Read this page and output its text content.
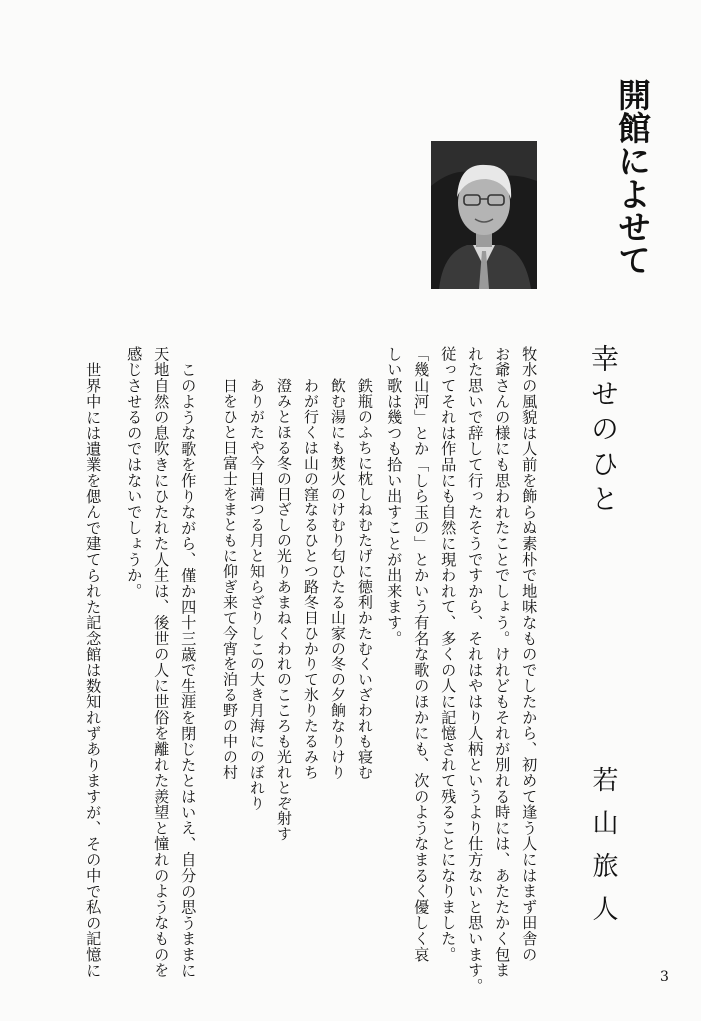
開館によせて
幸せのひと
若山旅人
牧水の風貌は人前を飾らぬ素朴で地味なものでしたから、初めて逢う人にはまず田舎の
お爺さんの様にも思われたことでしょう。けれどもそれが別れる時には、あたたかく包ま
れた思いで辞して行ったそうですから、それはやはり人柄というより仕方ないと思います。
従ってそれは作品にも自然に現われて、多くの人に記憶されて残ることになりました。
「幾山河」とか「しら玉の」とかいう有名な歌のほかにも、次のようなまるく優しく哀
しい歌は幾つも拾い出すことが出来ます。
鉄瓶のふちに枕しねむたげに徳利かたむくいざわれも寝む
飲む湯にも焚火のけむり匂ひたる山家の冬の夕餉なりけり
わが行くは山の窪なるひとつ路冬日ひかりて氷りたるみち
澄みとほる冬の日ざしの光りあまねくわれのこころも光れとぞ射す
ありがたや今日満つる月と知らざりしこの大き月海にのぼれり
日をひと日富士をまともに仰ぎ来て今宵を泊る野の中の村
このような歌を作りながら、僅か四十三歳で生涯を閉じたとはいえ、自分の思うままに
天地自然の息吹きにひたれた人生は、後世の人に世俗を離れた羨望と憧れのようなものを
感じさせるのではないでしょうか。
世界中には遺業を偲んで建てられた記念館は数知れずありますが、その中で私の記憶に	3
